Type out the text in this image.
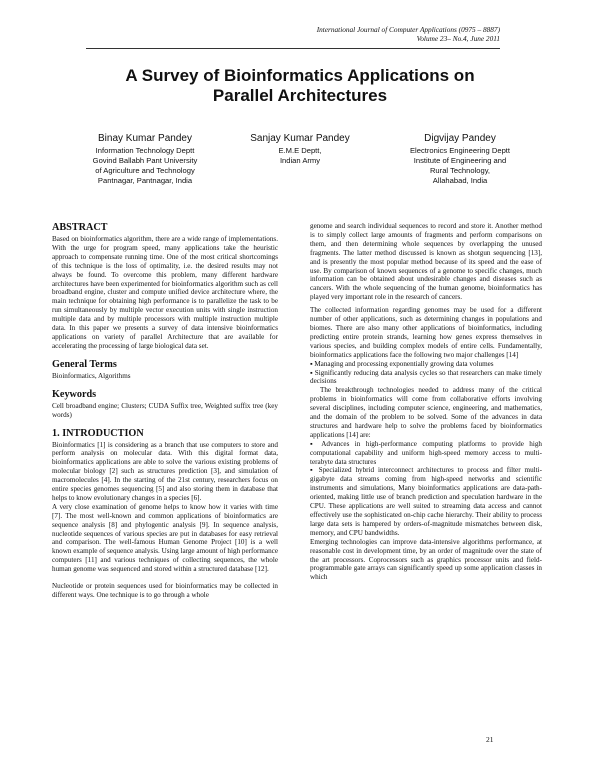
International Journal of Computer Applications (0975 – 8887)
Volume 23– No.4, June 2011
A Survey of Bioinformatics Applications on
Parallel Architectures
Binay Kumar Pandey
Information Technology Deptt
Govind Ballabh Pant University
of Agriculture and Technology
Pantnagar, Pantnagar, India
Sanjay Kumar Pandey
E.M.E Deptt,
Indian Army
Digvijay Pandey
Electronics Engineering Deptt
Institute of Engineering and
Rural Technology,
Allahabad, India
ABSTRACT

Based on bioinformatics algorithm, there are a wide range of implementations. With the urge for program speed, many applications take the heuristic approach to compensate running time. One of the most critical shortcomings of this technique is the loss of optimality, i.e. the desired results may not always be found. To overcome this problem, many different hardware architectures have been experimented for bioinformatics algorithm such as cell broadband engine, cluster and compute unified device architecture where, the main technique for obtaining high performance is to parallelize the task to be run simultaneously by multiple vector execution units with single instruction multiple data and by multiple processors with multiple instruction multiple data. In this paper we presents a survey of data intensive bioinformatics applications on variety of parallel Architecture that are available for accelerating the processing of large biological data set.

General Terms

Bioinformatics, Algorithms

Keywords

Cell broadband engine; Clusters; CUDA Suffix tree, Weighted suffix tree (key words)

1. INTRODUCTION

Bioinformatics [1] is considering as a branch that use computers to store and perform analysis on molecular data. With this digital format data, bioinformatics applications are able to solve the various existing problems of molecular biology [2] such as structures prediction [3], and simulation of macromolecules [4]. In the starting of the 21st century, researchers focus on entire species genomes sequencing [5] and also storing them in database that helps to know evolutionary changes in a species [6].

A very close examination of genome helps to know how it varies with time [7]. The most well-known and common applications of bioinformatics are sequence analysis [8] and phylogentic analysis [9]. In sequence analysis, nucleotide sequences of various species are put in databases for easy retrieval and comparison. The well-famous Human Genome Project [10] is a well known example of sequence analysis. Using large amount of high performance computers [11] and various techniques of collecting sequences, the whole human genome was sequenced and stored within a structured database [12].

Nucleotide or protein sequences used for bioinformatics may be collected in different ways. One technique is to go through a whole

genome and search individual sequences to record and store it. Another method is to simply collect large amounts of fragments and perform comparisons on them, and then determining whole sequences by overlapping the unused fragments. The latter method discussed is known as shotgun sequencing [13], and is presently the most popular method because of its speed and the ease of use. By comparison of known sequences of a genome to specific changes, much information can be obtained about undesirable changes and diseases such as cancers. With the whole sequencing of the human genome, bioinformatics has played very important role in the research of cancers.

The collected information regarding genomes may be used for a different number of other applications, such as determining changes in populations and biomes. There are also many other applications of bioinformatics, including predicting entire protein strands, learning how genes express themselves in various species, and building complex models of entire cells. Fundamentally, bioinformatics applications face the following two major challenges [14]

▪ Managing and processing exponentially growing data volumes

▪ Significantly reducing data analysis cycles so that researchers can make timely decisions

The breakthrough technologies needed to address many of the critical problems in bioinformatics will come from collaborative efforts involving several disciplines, including computer science, engineering, and mathematics, and the domain of the problem to be solved. Some of the advances in data structures and hardware help to solve the problems faced by bioinformatics applications [14] are:

▪ Advances in high-performance computing platforms to provide high computational capability and uniform high-speed memory access to multi-terabyte data structures

▪ Specialized hybrid interconnect architectures to process and filter multi-gigabyte data streams coming from high-speed networks and scientific instruments and simulations, Many bioinformatics applications are data-path-oriented, making little use of branch prediction and speculation hardware in the CPU. These applications are well suited to streaming data access and cannot effectively use the sophisticated on-chip cache hierarchy. Their ability to process large data sets is hampered by orders-of-magnitude mismatches between disk, memory, and CPU bandwidths.

Emerging technologies can improve data-intensive algorithms performance, at reasonable cost in development time, by an order of magnitude over the state of the art processors. Coprocessors such as graphics processor units and field-programmable gate arrays can significantly speed up some application classes in which

21
